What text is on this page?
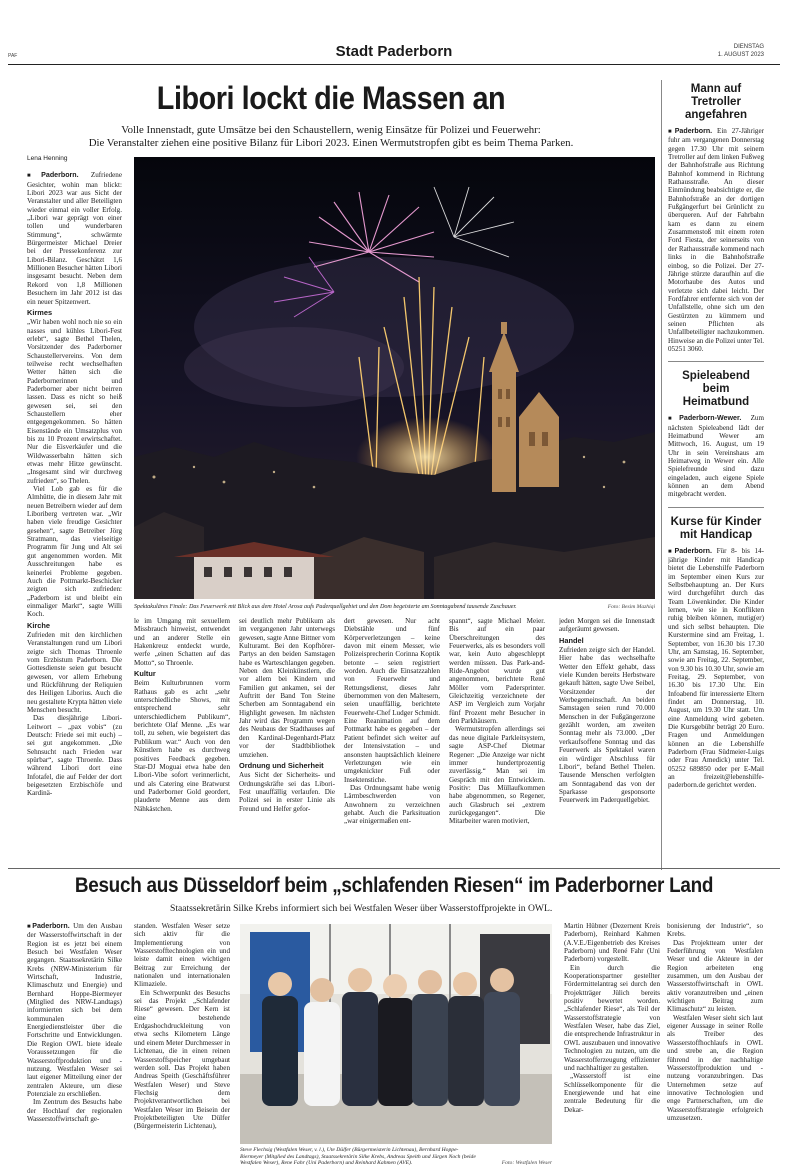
PAF	Stadt Paderborn	DIENSTAG
1. AUGUST 2023
Libori lockt die Massen an
Volle Innenstadt, gute Umsätze bei den Schaustellern, wenig Einsätze für Polizei und Feuerwehr:
Die Veranstalter ziehen eine positive Bilanz für Libori 2023. Einen Wermutstropfen gibt es beim Thema Parken.

Lena Henning

■Paderborn. Zufriedene Gesichter, wohin man blickt: Libori 2023 war aus Sicht der Veranstalter und aller Beteiligten wieder einmal ein voller Erfolg. „Libori war geprägt von einer tollen und wunderbaren Stimmung“, schwärmte Bürgermeister Michael Dreier bei der Pressekonferenz zur Libori-Bilanz. Geschätzt 1,6 Millionen Besucher hätten Libori insgesamt besucht. Neben dem Rekord von 1,8 Millionen Besuchern im Jahr 2012 ist das ein neuer Spitzenwert.

Kirmes

„Wir haben wohl noch nie so ein nasses und kühles Libori-Fest erlebt“, sagte Bethel Thelen, Vorsitzender des Paderborner Schaustellervereins. Von dem teilweise recht wechselhaften Wetter hätten sich die Paderbornerinnen und Paderborner aber nicht beirren lassen. Dass es nicht so heiß gewesen sei, sei den Schaustellern eher entgegengekommen. So hätten Eisenstände ein Umsatzplus von bis zu 10 Prozent erwirtschaftet. Nur die Eisverkäufer und die Wildwasserbahn hätten sich etwas mehr Hitze gewünscht. „Insgesamt sind wir durchweg zufrieden“, so Thelen.

Viel Lob gab es für die Almhütte, die in diesem Jahr mit neuen Betreibern wieder auf dem Liboriberg vertreten war. „Wir haben viele freudige Gesichter gesehen“, sagte Betreiber Jörg Stratmann, das vielseitige Programm für Jung und Alt sei gut angenommen worden. Mit Ausschreitungen habe es keinerlei Probleme gegeben. Auch die Pottmarkt-Beschicker zeigten sich zufrieden: „Paderborn ist und bleibt ein einmaliger Markt“, sagte Willi Koch.

Kirche

Zufrieden mit den kirchlichen Veranstaltungen rund um Libori zeigte sich Thomas Throenle vom Erzbistum Paderborn. Die Gottesdienste seien gut besucht gewesen, vor allem Erhebung und Rückführung der Reliquien des Heiligen Liborius. Auch die neu gestaltete Krypta hätten viele Menschen besucht.

Das diesjährige Libori-Leitwort – „pax vobis“ (zu Deutsch: Friede sei mit euch) – sei gut angekommen. „Die Sehnsucht nach Frieden war spürbar“, sagte Throenle. Dass während Libori dort eine Infotafel, die auf Felder der dort beigesetzten Erzbischöfe und Kardinä-

Spektakuläres Finale: Das Feuerwerk mit Blick aus dem Hotel Arosa aufs Paderquellgebiet und den Dom begeisterte am Sonntagabend tausende Zuschauer.	Foto: Besim Mazhiqi

le im Umgang mit sexuellem Missbrauch hinweist, entwendet und an anderer Stelle ein Hakenkreuz entdeckt wurde, werfe „einen Schatten auf das Motto“, so Throenle.

Kultur

Beim Kulturbrunnen vorm Rathaus gab es acht „sehr unterschiedliche Shows, mit entsprechend sehr unterschiedlichem Publikum“, berichtete Olaf Menne. „Es war toll, zu sehen, wie begeistert das Publikum war.“ Auch von den Künstlern habe es durchweg positives Feedback gegeben. Star-DJ Moguai etwa habe den Libori-Vibe sofort verinnerlicht, und als Catering eine Bratwurst und Paderborner Gold geordert, plauderte Menne aus dem Nähkästchen.

sei deutlich mehr Publikum als im vergangenen Jahr unterwegs gewesen, sagte Anne Bittner vom Kulturamt. Bei den Kopfhörer-Partys an den beiden Samstagen habe es Warteschlangen gegeben. Neben den Kleinkünstlern, die vor allem bei Kindern und Familien gut ankamen, sei der Auftritt der Band Ton Steine Scherben am Sonntagabend ein Highlight gewesen. Im nächsten Jahr wird das Programm wegen des Neubaus der Stadthauses auf den Kardinal-Degenhardt-Platz vor der Stadtbibliothek umziehen.

Ordnung und Sicherheit

Aus Sicht der Sicherheits- und Ordnungskräfte sei das Libori-Fest unauffällig verlaufen. Die Polizei sei in erster Linie als Freund und Helfer gefor-

dert gewesen. Nur acht Diebstähle und fünf Körperverletzungen – keine davon mit einem Messer, wie Polizeisprecherin Corinna Koptik betonte – seien registriert worden. Auch die Einsatzzahlen von Feuerwehr und Rettungsdienst, dieses Jahr übernommen von den Maltesern, seien unauffällig, berichtete Feuerwehr-Chef Ludger Schmidt. Eine Reanimation auf dem Pottmarkt habe es gegeben – der Patient befindet sich weiter auf der Intensivstation – und ansonsten hauptsächlich kleinere Verletzungen wie ein umgeknickter Fuß oder Insektenstiche.

Das Ordnungsamt habe wenig Lärmbeschwerden von Anwohnern zu verzeichnen gehabt. Auch die Parksituation „war einigermaßen ent-

spannt“, sagte Michael Meier. Bis auf ein paar Überschreitungen des Feuerwerks, als es besonders voll war, kein Auto abgeschleppt werden müssen. Das Park-and-Ride-Angebot wurde gut angenommen, berichtete René Möller vom Padersprinter. Gleichzeitig verzeichnete der ASP im Vergleich zum Vorjahr fünf Prozent mehr Besucher in den Parkhäusern.

Wermutstropfen allerdings sei das neue digitale Parkleitsystem, sagte ASP-Chef Dietmar Regener: „Die Anzeige war nicht immer hundertprozentig zuverlässig.“ Man sei im Gespräch mit den Entwicklern. Positiv: Das Müllaufkommen habe abgenommen, so Regener, auch Glasbruch sei „extrem zurückgegangen“. Die Mitarbeiter waren motiviert,

jeden Morgen sei die Innenstadt aufgeräumt gewesen.

Handel

Zufrieden zeigte sich der Handel. Hier habe das wechselhafte Wetter den Effekt gehabt, dass viele Kunden bereits Herbstware gekauft hätten, sagte Uwe Seibel, Vorsitzender der Werbegemeinschaft. An beiden Samstagen seien rund 70.000 Menschen in der Fußgängerzone gezählt worden, am zweiten Sonntag mehr als 73.000. „Der verkaufsoffene Sonntag und das Feuerwerk als Spektakel waren ein würdiger Abschluss für Libori“, befand Bethel Thelen. Tausende Menschen verfolgten am Sonntagabend das von der Sparkasse gesponsorte Feuerwerk im Paderquellgebiet.

Mann auf Tretroller angefahren

■Paderborn. Ein 27-Jähriger fuhr am vergangenen Donnerstag gegen 17.30 Uhr mit seinem Tretroller auf dem linken Fußweg der Bahnhofstraße aus Richtung Bahnhof kommend in Richtung Rathausstraße. An dieser Einmündung beabsichtigte er, die Bahnhofstraße an der dortigen Fußgängerfurt bei Grünlicht zu überqueren. Auf der Fahrbahn kam es dann zu einem Zusammenstoß mit einem roten Ford Fiesta, der seinerseits von der Rathausstraße kommend nach links in die Bahnhofstraße einbog, so die Polizei. Der 27-Jährige stürzte daraufhin auf die Motorhaube des Autos und verletzte sich dabei leicht. Der Fordfahrer entfernte sich von der Unfallstelle, ohne sich um den Gestürzten zu kümmern und seinen Pflichten als Unfallbeteiligter nachzukommen. Hinweise an die Polizei unter Tel. 05251 3060.

Spieleabend beim Heimatbund

■Paderborn-Wewer. Zum nächsten Spieleabend lädt der Heimatbund Wewer am Mittwoch, 16. August, um 19 Uhr in sein Vereinshaus am Heimatweg in Wewer ein. Alle Spielefreunde sind dazu eingeladen, auch eigene Spiele können an dem Abend mitgebracht werden.

Kurse für Kinder mit Handicap

■Paderborn. Für 8- bis 14-jährige Kinder mit Handicap bietet die Lebenshilfe Paderborn im September einen Kurs zur Selbstbehauptung an. Der Kurs wird durchgeführt durch das Team Löwenkinder. Die Kinder lernen, wie sie in Konflikten ruhig bleiben können, mutig(er) und sich selbst behaupten. Die Kurstermine sind am Freitag, 1. September, von 16.30 bis 17.30 Uhr, am Samstag, 16. September, sowie am Freitag, 22. September, von 9.30 bis 10.30 Uhr, sowie am Freitag, 29. September, von 16.30 bis 17.30 Uhr. Ein Infoabend für interessierte Eltern findet am Donnerstag, 10. August, um 19.30 Uhr statt. Um eine Anmeldung wird gebeten. Die Kursgebühr beträgt 20 Euro. Fragen und Anmeldungen können an die Lebenshilfe Paderborn (Frau Südmeier-Luigs oder Frau Amedick) unter Tel. 05252 689850 oder per E-Mail an freizeit@lebenshilfe-paderborn.de gerichtet werden.

Besuch aus Düsseldorf beim „schlafenden Riesen“ im Paderborner Land
Staatssekretärin Silke Krebs informiert sich bei Westfalen Weser über Wasserstoffprojekte in OWL.

■Paderborn. Um den Ausbau der Wasserstoffwirtschaft in der Region ist es jetzt bei einem Besuch bei Westfalen Weser gegangen. Staatssekretärin Silke Krebs (NRW-Ministerium für Wirtschaft, Industrie, Klimaschutz und Energie) und Bernhard Hoppe-Biermeyer (Mitglied des NRW-Landtags) informierten sich bei dem kommunalen Energiedienstleister über die Fortschritte und Entwicklungen. Die Region OWL biete ideale Voraussetzungen für die Wasserstoffproduktion und -nutzung. Westfalen Weser sei laut eigener Mitteilung einer der zentralen Akteure, um diese Potenziale zu erschließen.

Im Zentrum des Besuchs habe der Hochlauf der regionalen Wasserstoffwirtschaft ge-

standen. Westfalen Weser setze sich aktiv für die Implementierung von Wasserstofftechnologien ein und leiste damit einen wichtigen Beitrag zur Erreichung der nationalen und internationalen Klimaziele.

Ein Schwerpunkt des Besuchs sei das Projekt „Schlafender Riese“ gewesen. Der Kern ist eine bestehende Erdgashochdruckleitung von etwa sechs Kilometern Länge und einem Meter Durchmesser in Lichtenau, die in einen reinen Wasserstoffspeicher umgebaut werden soll. Das Projekt haben Andreas Speith (Geschäftsführer Westfalen Weser) und Steve Flechsig dem Projektverantwortlichen bei Westfalen Weser im Beisein der Projektbeteiligten Ute Dülfer (Bürgermeisterin Lichtenau),

Steve Flechsig (Westfalen Weser, v. l.), Ute Dülfer (Bürgermeisterin Lichtenau), Bernhard Hoppe-Biermeyer (Mitglied des Landtags), Staatssekretärin Silke Krebs, Andreas Speith und Jürgen Noch (beide Westfalen Weser), Rene Fahr (Uni Paderborn) und Reinhard Kahmen (AVE).	Foto: Westfalen Weser

Martin Hübner (Dezernent Kreis Paderborn), Reinhard Kahmen (A.V.E./Eigenbetrieb des Kreises Paderborn) und René Fahr (Uni Paderborn) vorgestellt.

Ein durch die Kooperationspartner gestellter Fördermittelantrag sei durch den Projektträger Jülich bereits positiv bewertet worden. „Schlafender Riese“, als Teil der Wasserstoffstrategie von Westfalen Weser, habe das Ziel, die entsprechende Infrastruktur in OWL auszubauen und innovative Technologien zu nutzen, um die Wasserstofferzeugung effizienter und nachhaltiger zu gestalten.

„Wasserstoff ist eine Schlüsselkomponente für die Energiewende und hat eine zentrale Bedeutung für die Dekar-

bonisierung der Industrie“, so Krebs.

Das Projektteam unter der Federführung von Westfalen Weser und die Akteure in der Region arbeiteten eng zusammen, um den Ausbau der Wasserstoffwirtschaft in OWL aktiv voranzutreiben und „einen wichtigen Beitrag zum Klimaschutz“ zu leisten.

Westfalen Weser sieht sich laut eigener Aussage in seiner Rolle als Treiber des Wasserstoffhochlaufs in OWL und strebe an, die Region führend in der nachhaltige Wasserstoffproduktion und -nutzung voranzubringen. Das Unternehmen setze auf innovative Technologien und enge Partnerschaften, um die Wasserstoffstrategie erfolgreich umzusetzen.
